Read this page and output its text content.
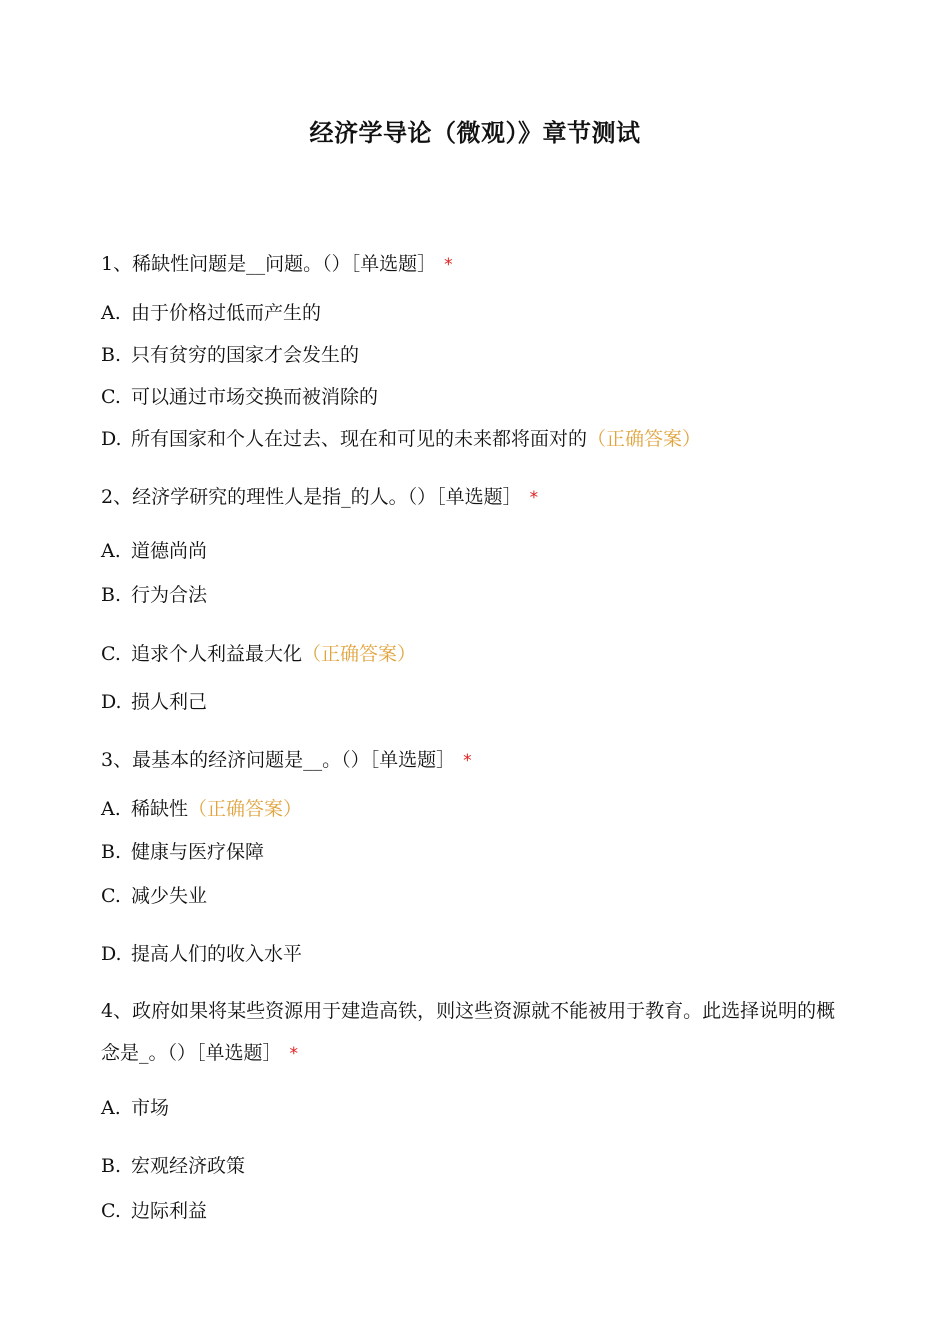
经济学导论（微观）》章节测试
1、稀缺性问题是__问题。（）［单选题］ *
A. 由于价格过低而产生的
B. 只有贫穷的国家才会发生的
C. 可以通过市场交换而被消除的
D. 所有国家和个人在过去、现在和可见的未来都将面对的（正确答案）
2、经济学研究的理性人是指_的人。（）［单选题］ *
A. 道德尚尚
B. 行为合法
C. 追求个人利益最大化（正确答案）
D. 损人利己
3、最基本的经济问题是__。（）［单选题］ *
A. 稀缺性（正确答案）
B. 健康与医疗保障
C. 减少失业
D. 提高人们的收入水平
4、政府如果将某些资源用于建造高铁，则这些资源就不能被用于教育。此选择说明的概念是_。（）［单选题］ *
A. 市场
B. 宏观经济政策
C. 边际利益
